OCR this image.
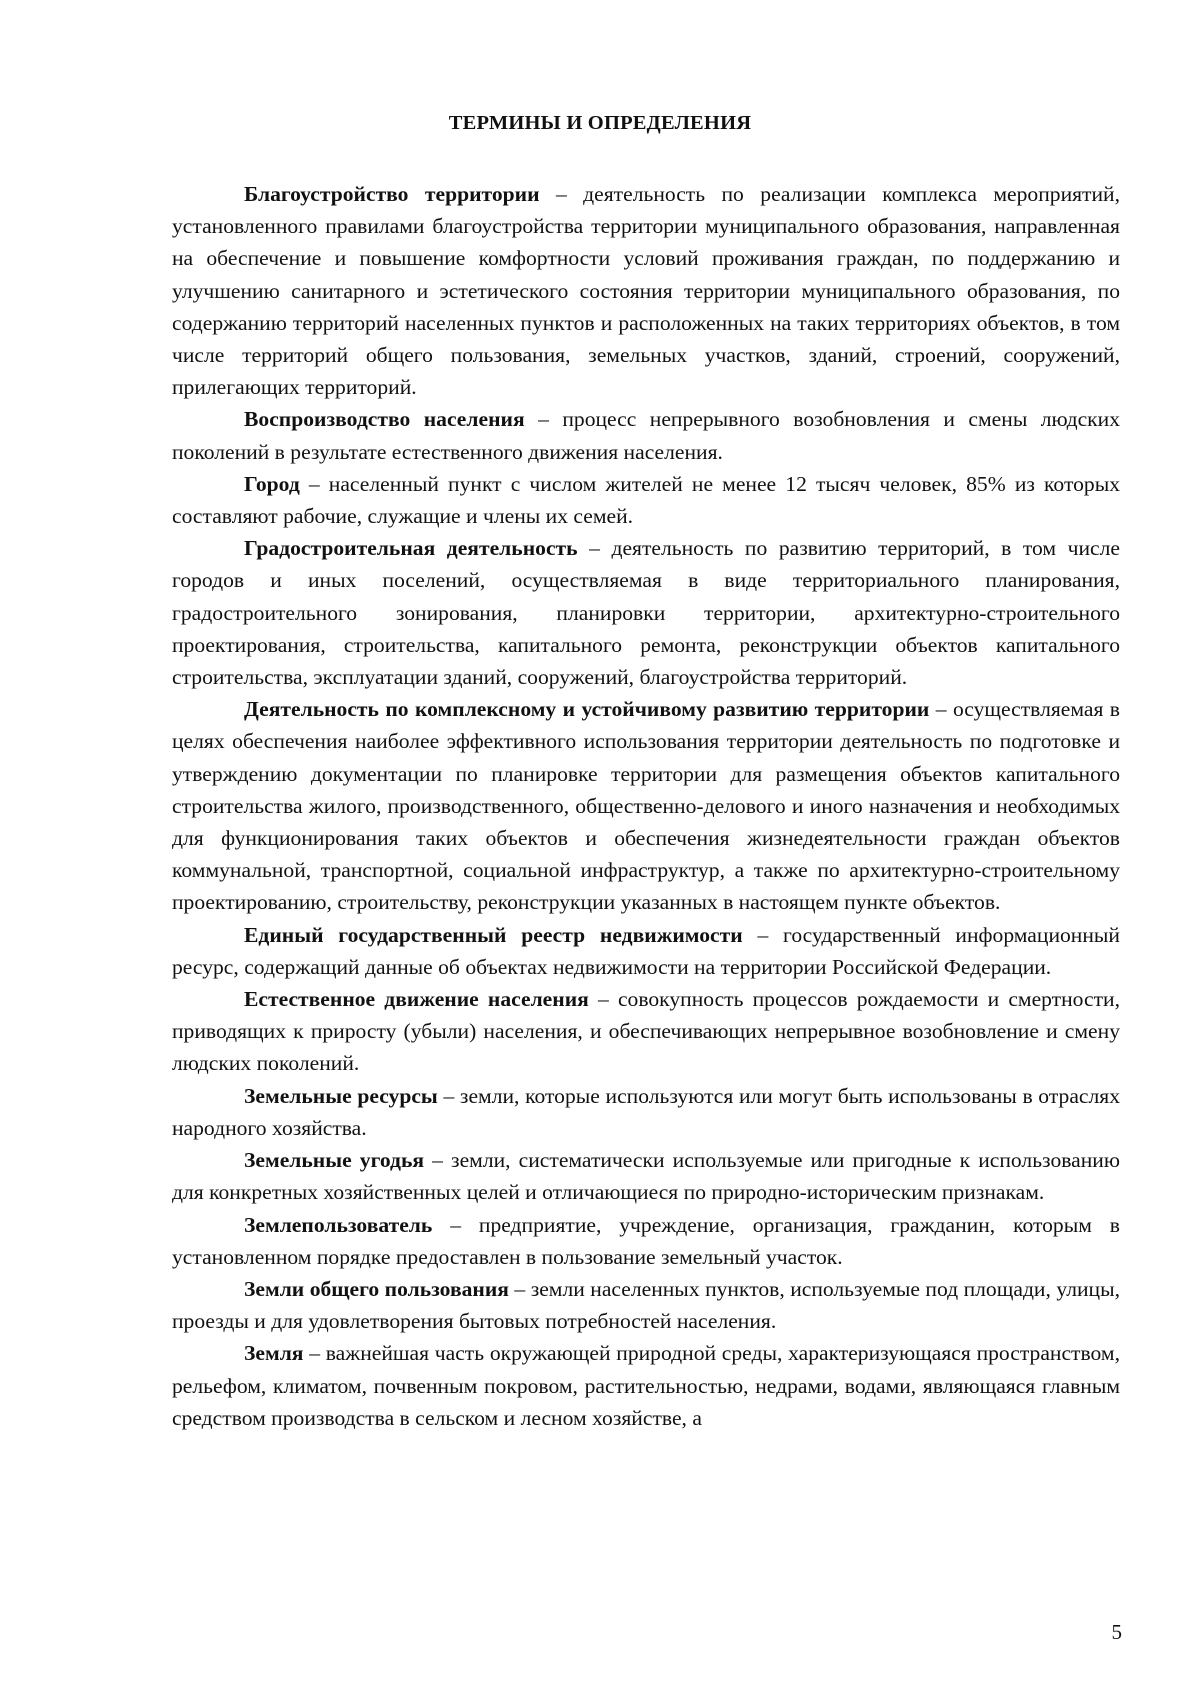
ТЕРМИНЫ И ОПРЕДЕЛЕНИЯ

Благоустройство территории – деятельность по реализации комплекса мероприятий, установленного правилами благоустройства территории муниципального образования, направленная на обеспечение и повышение комфортности условий проживания граждан, по поддержанию и улучшению санитарного и эстетического состояния территории муниципального образования, по содержанию территорий населенных пунктов и расположенных на таких территориях объектов, в том числе территорий общего пользования, земельных участков, зданий, строений, сооружений, прилегающих территорий.

Воспроизводство населения – процесс непрерывного возобновления и смены людских поколений в результате естественного движения населения.

Город – населенный пункт с числом жителей не менее 12 тысяч человек, 85% из которых составляют рабочие, служащие и члены их семей.

Градостроительная деятельность – деятельность по развитию территорий, в том числе городов и иных поселений, осуществляемая в виде территориального планирования, градостроительного зонирования, планировки территории, архитектурно-строительного проектирования, строительства, капитального ремонта, реконструкции объектов капитального строительства, эксплуатации зданий, сооружений, благоустройства территорий.

Деятельность по комплексному и устойчивому развитию территории – осуществляемая в целях обеспечения наиболее эффективного использования территории деятельность по подготовке и утверждению документации по планировке территории для размещения объектов капитального строительства жилого, производственного, общественно-делового и иного назначения и необходимых для функционирования таких объектов и обеспечения жизнедеятельности граждан объектов коммунальной, транспортной, социальной инфраструктур, а также по архитектурно-строительному проектированию, строительству, реконструкции указанных в настоящем пункте объектов.

Единый государственный реестр недвижимости – государственный информационный ресурс, содержащий данные об объектах недвижимости на территории Российской Федерации.

Естественное движение населения – совокупность процессов рождаемости и смертности, приводящих к приросту (убыли) населения, и обеспечивающих непрерывное возобновление и смену людских поколений.

Земельные ресурсы – земли, которые используются или могут быть использованы в отраслях народного хозяйства.

Земельные угодья – земли, систематически используемые или пригодные к использованию для конкретных хозяйственных целей и отличающиеся по природно-историческим признакам.

Землепользователь – предприятие, учреждение, организация, гражданин, которым в установленном порядке предоставлен в пользование земельный участок.

Земли общего пользования – земли населенных пунктов, используемые под площади, улицы, проезды и для удовлетворения бытовых потребностей населения.

Земля – важнейшая часть окружающей природной среды, характеризующаяся пространством, рельефом, климатом, почвенным покровом, растительностью, недрами, водами, являющаяся главным средством производства в сельском и лесном хозяйстве, а

5
